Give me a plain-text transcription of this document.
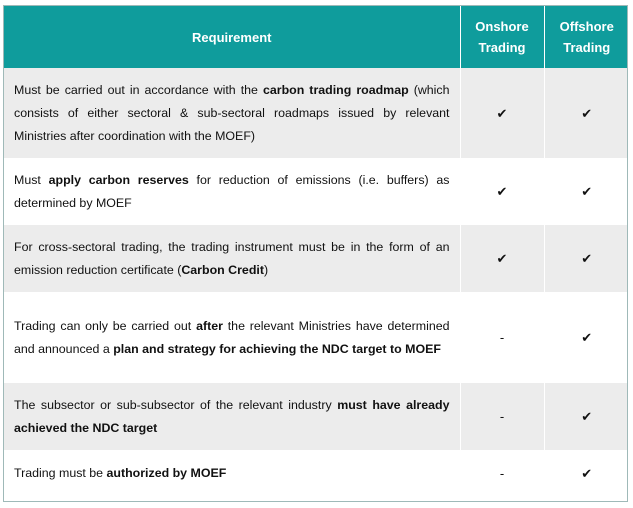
Requirement	Onshore Trading	Offshore Trading
Must be carried out in accordance with the carbon trading roadmap (which consists of either sectoral & sub-sectoral roadmaps issued by relevant Ministries after coordination with the MOEF)	✔	✔
Must apply carbon reserves for reduction of emissions (i.e. buffers) as determined by MOEF	✔	✔
For cross-sectoral trading, the trading instrument must be in the form of an emission reduction certificate (Carbon Credit)	✔	✔
Trading can only be carried out after the relevant Ministries have determined and announced a plan and strategy for achieving the NDC target to MOEF	-	✔
The subsector or sub-subsector of the relevant industry must have already achieved the NDC target	-	✔
Trading must be authorized by MOEF	-	✔
